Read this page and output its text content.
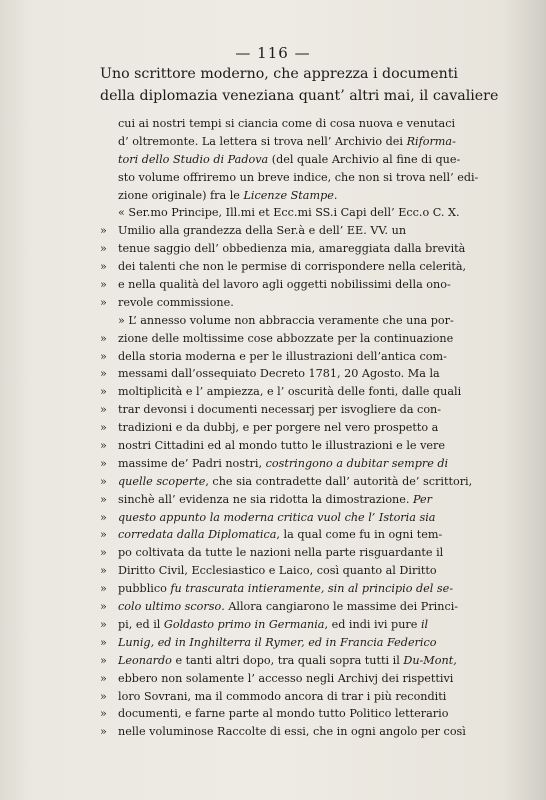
— 116 —
Uno scrittore moderno, che apprezza i documenti
della diplomazia veneziana quant’ altri mai, il cavaliere
cui ai nostri tempi si ciancia come di cosa nuova e venutaci
d’ oltremonte. La lettera si trova nell’ Archivio dei Riforma-
tori dello Studio di Padova (del quale Archivio al fine di que-
sto volume offriremo un breve indice, che non si trova nell’ edi-
zione originale) fra le Licenze Stampe.
« Ser.mo Principe, Ill.mi et Ecc.mi SS.i Capi dell’ Ecc.o C. X.
» Umilio alla grandezza della Ser.à e dell’ EE. VV. un
» tenue saggio dell’ obbedienza mia, amareggiata dalla brevità
» dei talenti che non le permise di corrispondere nella celerità,
» e nella qualità del lavoro agli oggetti nobilissimi della ono-
» revole commissione.
» L’ annesso volume non abbraccia veramente che una por-
» zione delle moltissime cose abbozzate per la continuazione
» della storia moderna e per le illustrazioni dell’antica com-
» messami dall’ossequiato Decreto 1781, 20 Agosto. Ma la
» moltiplicità e l’ ampiezza, e l’ oscurità delle fonti, dalle quali
» trar devonsi i documenti necessarj per isvogliere da con-
» tradizioni e da dubbj, e per porgere nel vero prospetto a
» nostri Cittadini ed al mondo tutto le illustrazioni e le vere
» massime de’ Padri nostri, costringono a dubitar sempre di
» quelle scoperte, che sia contradette dall’ autorità de’ scrittori,
» sinchè all’ evidenza ne sia ridotta la dimostrazione. Per
» questo appunto la moderna critica vuol che l’ Istoria sia
» corredata dalla Diplomatica, la qual come fu in ogni tem-
» po coltivata da tutte le nazioni nella parte risguardante il
» Diritto Civil, Ecclesiastico e Laico, così quanto al Diritto
» pubblico fu trascurata intieramente, sin al principio del se-
» colo ultimo scorso. Allora cangiarono le massime dei Princi-
» pi, ed il Goldasto primo in Germania, ed indi ivi pure il
» Lunig, ed in Inghilterra il Rymer, ed in Francia Federico
» Leonardo e tanti altri dopo, tra quali sopra tutti il Du-Mont,
» ebbero non solamente l’ accesso negli Archivj dei rispettivi
» loro Sovrani, ma il commodo ancora di trar i più reconditi
» documenti, e farne parte al mondo tutto Politico letterario
» nelle voluminose Raccolte di essi, che in ogni angolo per così
